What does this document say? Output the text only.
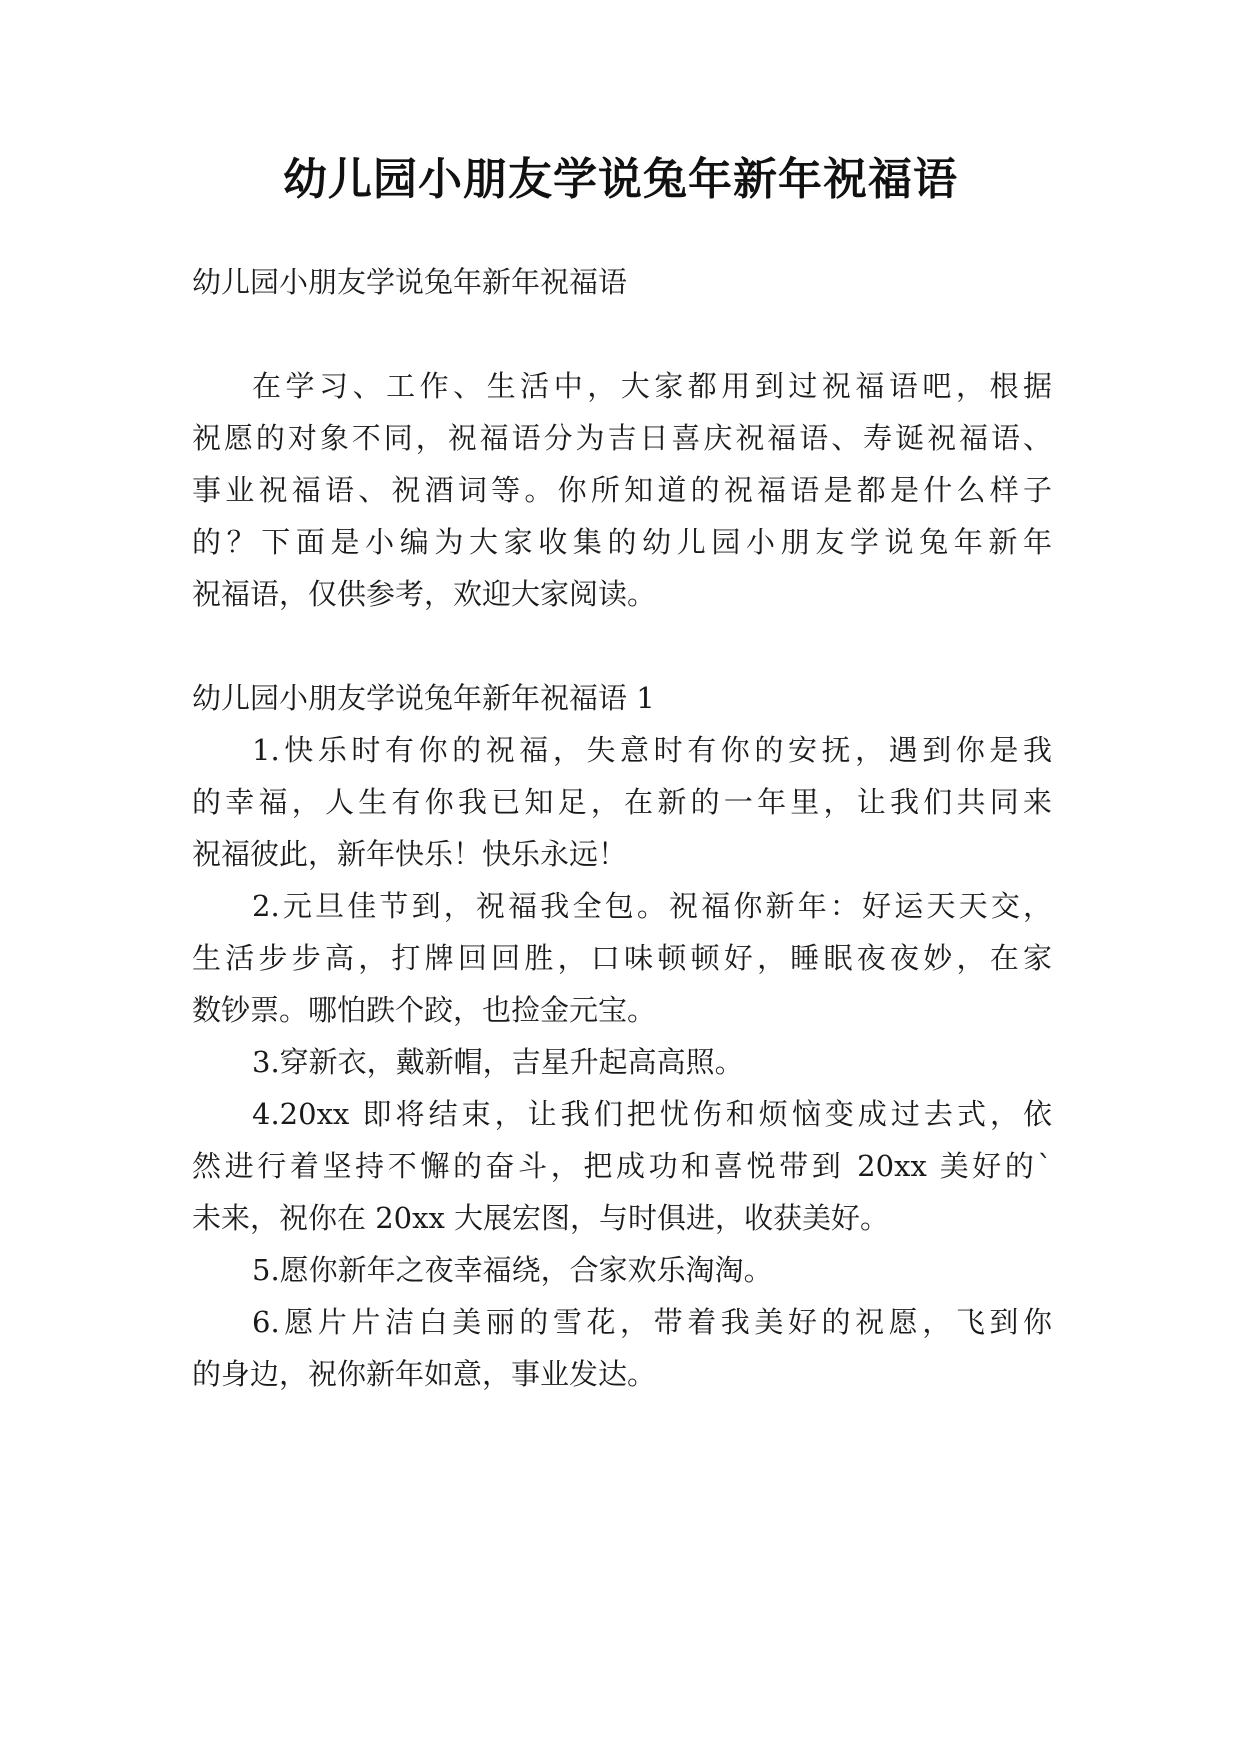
幼儿园小朋友学说兔年新年祝福语

幼儿园小朋友学说兔年新年祝福语

在学习、工作、生活中，大家都用到过祝福语吧，根据

祝愿的对象不同，祝福语分为吉日喜庆祝福语、寿诞祝福语、

事业祝福语、祝酒词等。你所知道的祝福语是都是什么样子

的？下面是小编为大家收集的幼儿园小朋友学说兔年新年

祝福语，仅供参考，欢迎大家阅读。

幼儿园小朋友学说兔年新年祝福语 1

1.快乐时有你的祝福，失意时有你的安抚，遇到你是我

的幸福，人生有你我已知足，在新的一年里，让我们共同来

祝福彼此，新年快乐！快乐永远！

2.元旦佳节到，祝福我全包。祝福你新年：好运天天交，

生活步步高，打牌回回胜，口味顿顿好，睡眠夜夜妙，在家

数钞票。哪怕跌个跤，也捡金元宝。

3.穿新衣，戴新帽，吉星升起高高照。

4.20xx 即将结束，让我们把忧伤和烦恼变成过去式，依

然进行着坚持不懈的奋斗，把成功和喜悦带到 20xx 美好的`

未来，祝你在 20xx 大展宏图，与时俱进，收获美好。

5.愿你新年之夜幸福绕，合家欢乐淘淘。

6.愿片片洁白美丽的雪花，带着我美好的祝愿，飞到你

的身边，祝你新年如意，事业发达。
